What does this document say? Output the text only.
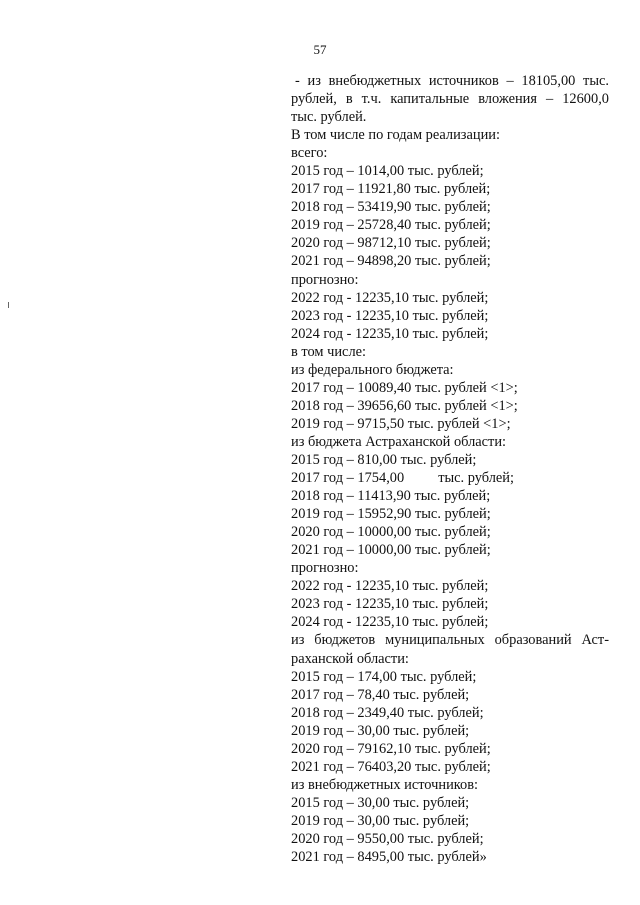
57
- из внебюджетных источников – 18105,00 тыс.
рублей, в т.ч. капитальные вложения – 12600,0
тыс. рублей.
В том числе по годам реализации:
всего:
2015 год – 1014,00 тыс. рублей;
2017 год – 11921,80 тыс. рублей;
2018 год – 53419,90 тыс. рублей;
2019 год – 25728,40 тыс. рублей;
2020 год – 98712,10 тыс. рублей;
2021 год – 94898,20 тыс. рублей;
прогнозно:
2022 год - 12235,10 тыс. рублей;
2023 год - 12235,10 тыс. рублей;
2024 год - 12235,10 тыс. рублей;
в том числе:
из федерального бюджета:
2017 год – 10089,40 тыс. рублей <1>;
2018 год – 39656,60 тыс. рублей <1>;
2019 год – 9715,50 тыс. рублей <1>;
из бюджета Астраханской области:
2015 год – 810,00 тыс. рублей;
2017 год – 1754,00 тыс. рублей;
2018 год – 11413,90 тыс. рублей;
2019 год – 15952,90 тыс. рублей;
2020 год – 10000,00 тыс. рублей;
2021 год – 10000,00 тыс. рублей;
прогнозно:
2022 год - 12235,10 тыс. рублей;
2023 год - 12235,10 тыс. рублей;
2024 год - 12235,10 тыс. рублей;
из бюджетов муниципальных образований Аст-
раханской области:
2015 год – 174,00 тыс. рублей;
2017 год – 78,40 тыс. рублей;
2018 год – 2349,40 тыс. рублей;
2019 год – 30,00 тыс. рублей;
2020 год – 79162,10 тыс. рублей;
2021 год – 76403,20 тыс. рублей;
из внебюджетных источников:
2015 год – 30,00 тыс. рублей;
2019 год – 30,00 тыс. рублей;
2020 год – 9550,00 тыс. рублей;
2021 год – 8495,00 тыс. рублей»
